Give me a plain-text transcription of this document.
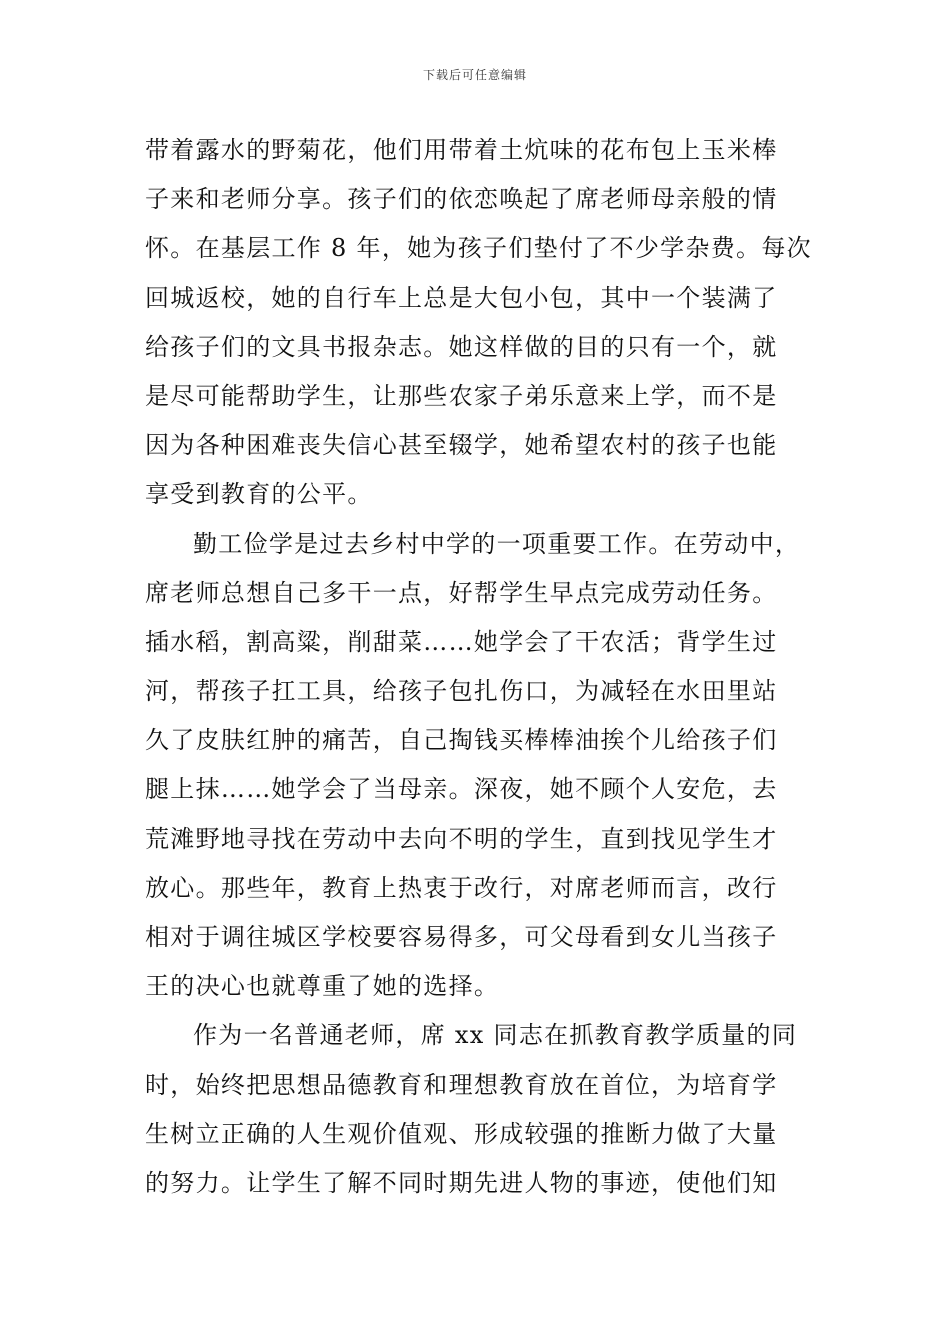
下载后可任意编辑
带着露水的野菊花，他们用带着土炕味的花布包上玉米棒
子来和老师分享。孩子们的依恋唤起了席老师母亲般的情
怀。在基层工作 8 年，她为孩子们垫付了不少学杂费。每次
回城返校，她的自行车上总是大包小包，其中一个装满了
给孩子们的文具书报杂志。她这样做的目的只有一个，就
是尽可能帮助学生，让那些农家子弟乐意来上学，而不是
因为各种困难丧失信心甚至辍学，她希望农村的孩子也能
享受到教育的公平。
勤工俭学是过去乡村中学的一项重要工作。在劳动中，
席老师总想自己多干一点，好帮学生早点完成劳动任务。
插水稻，割高粱，削甜菜……她学会了干农活；背学生过
河，帮孩子扛工具，给孩子包扎伤口，为减轻在水田里站
久了皮肤红肿的痛苦，自己掏钱买棒棒油挨个儿给孩子们
腿上抹……她学会了当母亲。深夜，她不顾个人安危，去
荒滩野地寻找在劳动中去向不明的学生，直到找见学生才
放心。那些年，教育上热衷于改行，对席老师而言，改行
相对于调往城区学校要容易得多，可父母看到女儿当孩子
王的决心也就尊重了她的选择。
作为一名普通老师，席 xx 同志在抓教育教学质量的同
时，始终把思想品德教育和理想教育放在首位，为培育学
生树立正确的人生观价值观、形成较强的推断力做了大量
的努力。让学生了解不同时期先进人物的事迹，使他们知
